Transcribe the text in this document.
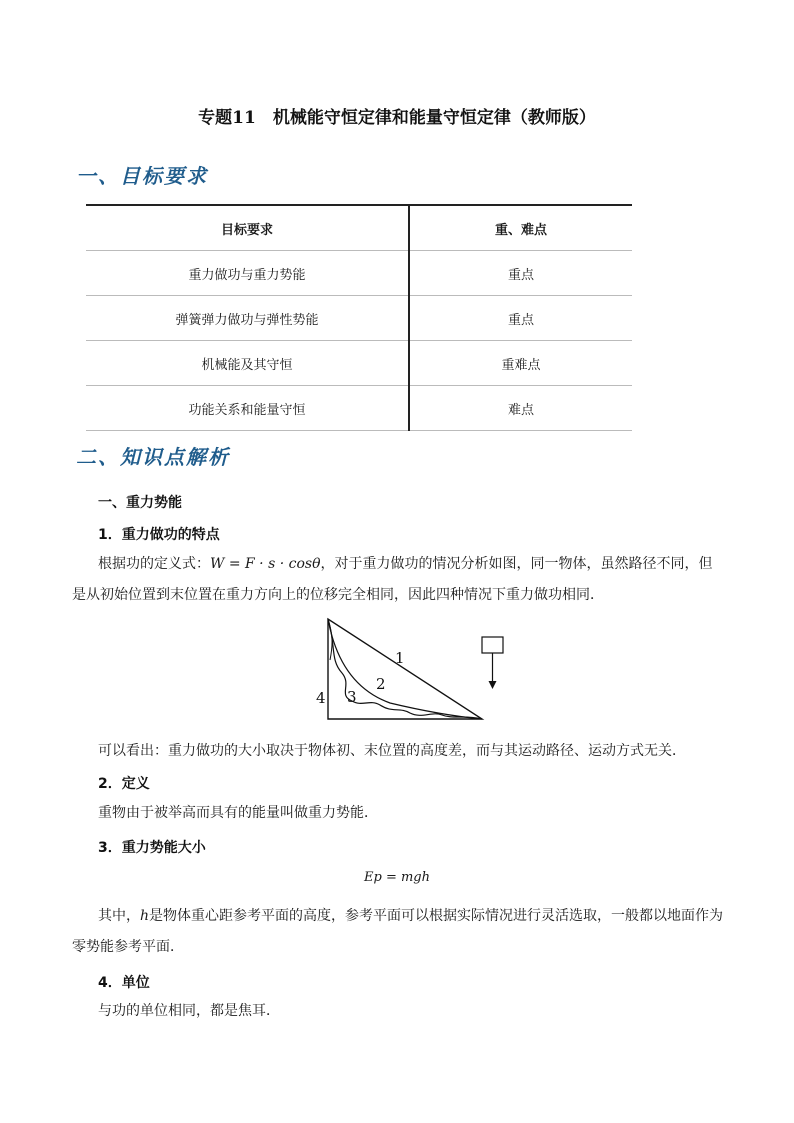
专题11　机械能守恒定律和能量守恒定律（教师版）
一、目标要求
目标要求	重、难点
重力做功与重力势能	重点
弹簧弹力做功与弹性势能	重点
机械能及其守恒	重难点
功能关系和能量守恒	难点
二、知识点解析
一、重力势能
1．重力做功的特点
根据功的定义式：W = F · s · cosθ，对于重力做功的情况分析如图，同一物体，虽然路径不同，但是从初始位置到末位置在重力方向上的位移完全相同，因此四种情况下重力做功相同．
1
2
3
4
可以看出：重力做功的大小取决于物体初、末位置的高度差，而与其运动路径、运动方式无关．
2．定义
重物由于被举高而具有的能量叫做重力势能．
3．重力势能大小
Ep = mgh
其中，h是物体重心距参考平面的高度，参考平面可以根据实际情况进行灵活选取，一般都以地面作为零势能参考平面．
4．单位
与功的单位相同，都是焦耳．
